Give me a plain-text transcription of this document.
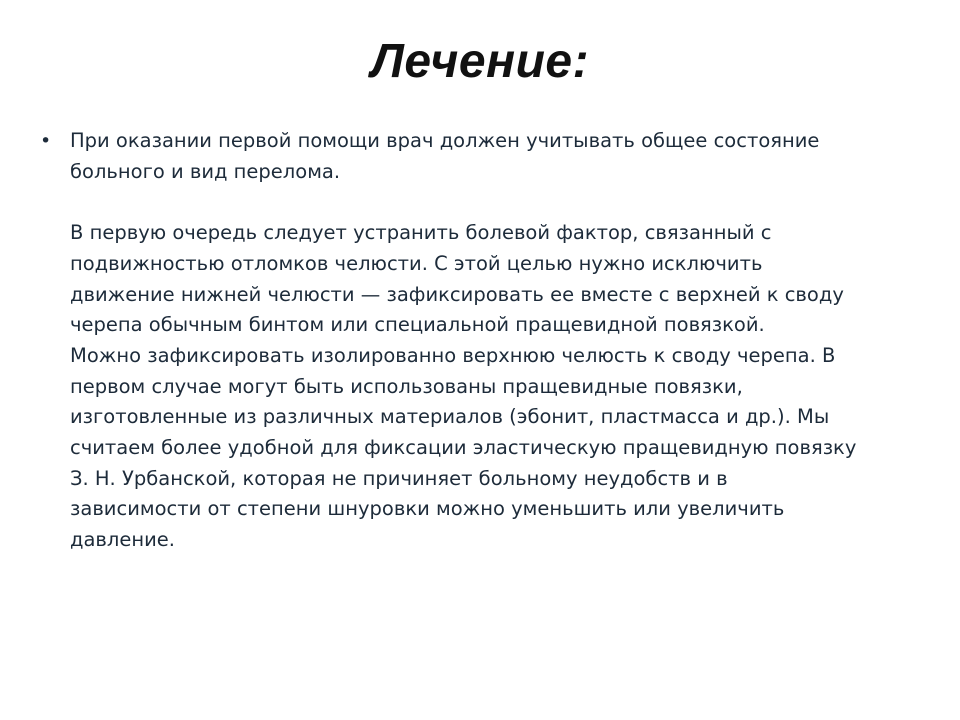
Лечение:
• При оказании первой помощи врач должен учитывать общее состояние
больного и вид перелома.

В первую очередь следует устранить болевой фактор, связанный с
подвижностью отломков челюсти. С этой целью нужно исключить
движение нижней челюсти — зафиксировать ее вместе с верхней к своду
черепа обычным бинтом или специальной пращевидной повязкой.
Можно зафиксировать изолированно верхнюю челюсть к своду черепа. В
первом случае могут быть использованы пращевидные повязки,
изготовленные из различных материалов (эбонит, пластмасса и др.). Мы
считаем более удобной для фиксации эластическую пращевидную повязку
З. Н. Урбанской, которая не причиняет больному неудобств и в
зависимости от степени шнуровки можно уменьшить или увеличить
давление.
